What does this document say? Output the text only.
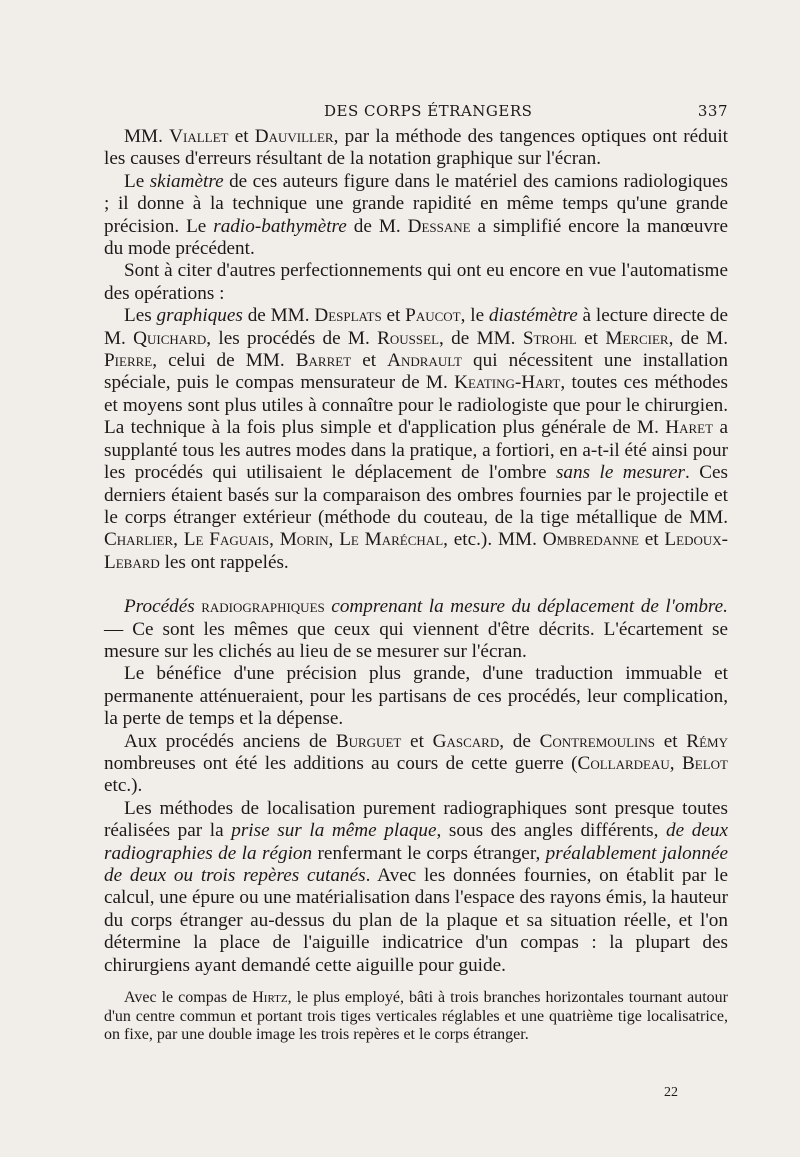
DES CORPS ÉTRANGERS	337

MM. Viallet et Dauviller, par la méthode des tangences optiques ont réduit les causes d'erreurs résultant de la notation graphique sur l'écran.

Le skiamètre de ces auteurs figure dans le matériel des camions radiologiques ; il donne à la technique une grande rapidité en même temps qu'une grande précision. Le radio-bathymètre de M. Dessane a simplifié encore la manœuvre du mode précédent.

Sont à citer d'autres perfectionnements qui ont eu encore en vue l'automatisme des opérations :

Les graphiques de MM. Desplats et Paucot, le diastémètre à lecture directe de M. Quichard, les procédés de M. Roussel, de MM. Strohl et Mercier, de M. Pierre, celui de MM. Barret et Andrault qui nécessitent une installation spéciale, puis le compas mensurateur de M. Keating-Hart, toutes ces méthodes et moyens sont plus utiles à connaître pour le radiologiste que pour le chirurgien. La technique à la fois plus simple et d'application plus générale de M. Haret a supplanté tous les autres modes dans la pratique, a fortiori, en a-t-il été ainsi pour les procédés qui utilisaient le déplacement de l'ombre sans le mesurer. Ces derniers étaient basés sur la comparaison des ombres fournies par le projectile et le corps étranger extérieur (méthode du couteau, de la tige métallique de MM. Charlier, Le Faguais, Morin, Le Maréchal, etc.). MM. Ombredanne et Ledoux-Lebard les ont rappelés.

Procédés radiographiques comprenant la mesure du déplacement de l'ombre. — Ce sont les mêmes que ceux qui viennent d'être décrits. L'écartement se mesure sur les clichés au lieu de se mesurer sur l'écran.

Le bénéfice d'une précision plus grande, d'une traduction immuable et permanente atténueraient, pour les partisans de ces procédés, leur complication, la perte de temps et la dépense.

Aux procédés anciens de Burguet et Gascard, de Contremoulins et Rémy nombreuses ont été les additions au cours de cette guerre (Collardeau, Belot etc.).

Les méthodes de localisation purement radiographiques sont presque toutes réalisées par la prise sur la même plaque, sous des angles différents, de deux radiographies de la région renfermant le corps étranger, préalablement jalonnée de deux ou trois repères cutanés. Avec les données fournies, on établit par le calcul, une épure ou une matérialisation dans l'espace des rayons émis, la hauteur du corps étranger au-dessus du plan de la plaque et sa situation réelle, et l'on détermine la place de l'aiguille indicatrice d'un compas : la plupart des chirurgiens ayant demandé cette aiguille pour guide.

Avec le compas de Hirtz, le plus employé, bâti à trois branches horizontales tournant autour d'un centre commun et portant trois tiges verticales réglables et une quatrième tige localisatrice, on fixe, par une double image les trois repères et le corps étranger.

22
